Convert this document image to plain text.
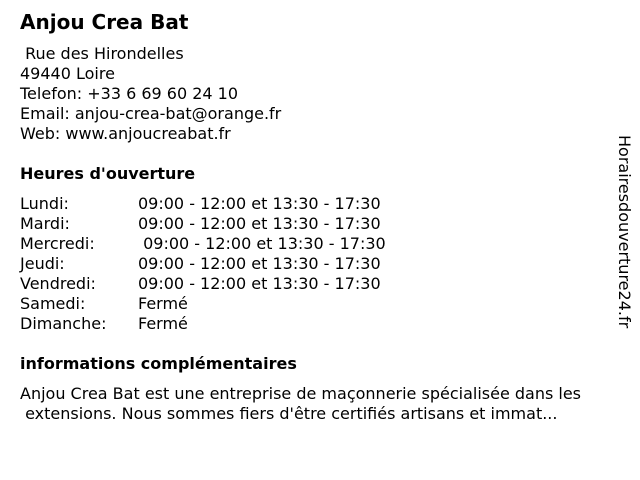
Anjou Crea Bat
Rue des Hirondelles
49440 Loire
Telefon: +33 6 69 60 24 10
Email: anjou-crea-bat@orange.fr
Web: www.anjoucreabat.fr
Heures d'ouverture
Lundi:	09:00 - 12:00 et 13:30 - 17:30
Mardi:	09:00 - 12:00 et 13:30 - 17:30
Mercredi:	09:00 - 12:00 et 13:30 - 17:30
Jeudi:	09:00 - 12:00 et 13:30 - 17:30
Vendredi:	09:00 - 12:00 et 13:30 - 17:30
Samedi:	Fermé
Dimanche:	Fermé
informations complémentaires
Anjou Crea Bat est une entreprise de maçonnerie spécialisée dans les
extensions. Nous sommes fiers d'être certifiés artisans et immat...
Horairesdouverture24.fr
